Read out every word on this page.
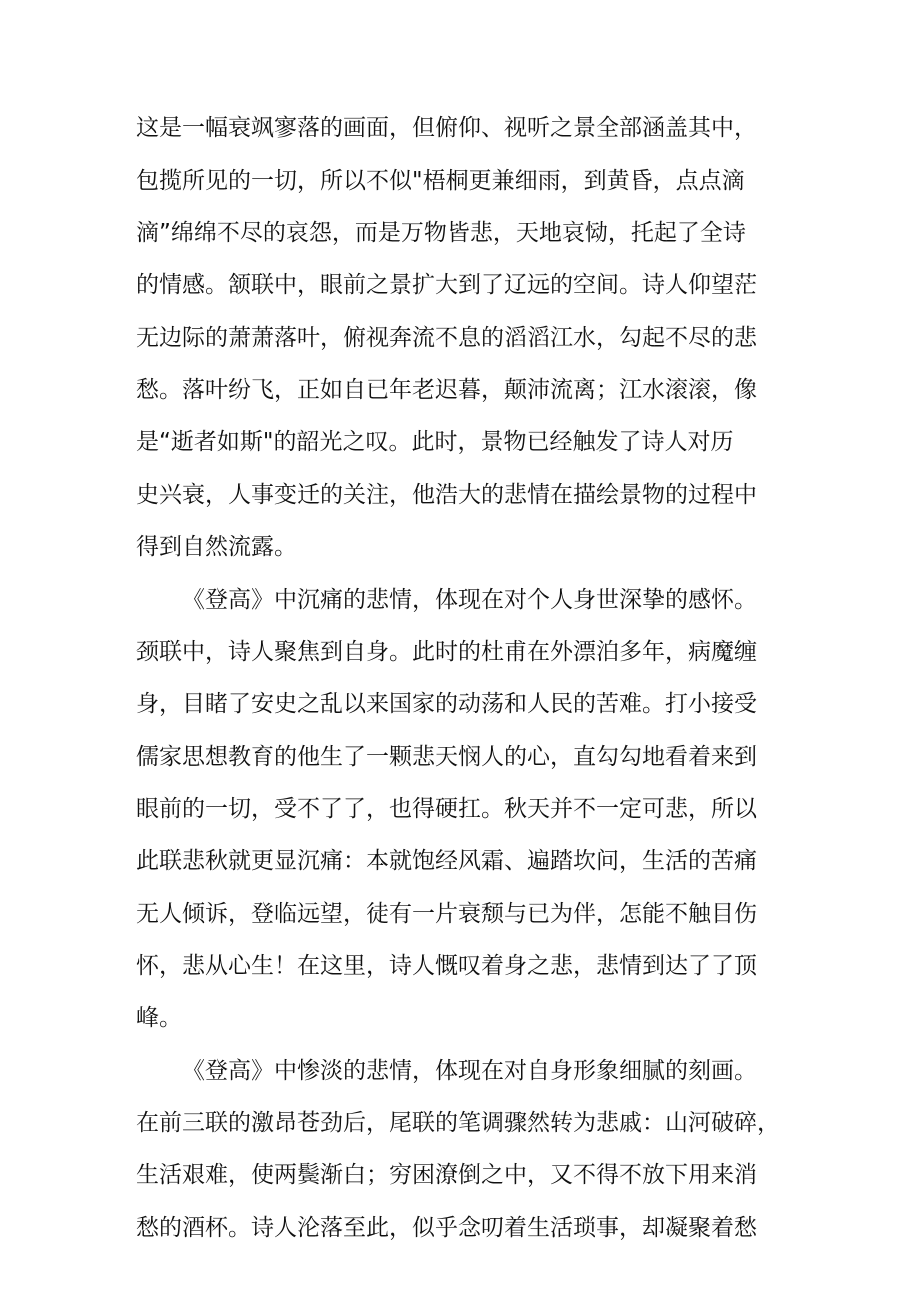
这是一幅衰飒寥落的画面，但俯仰、视听之景全部涵盖其中，
包揽所见的一切，所以不似"梧桐更兼细雨，到黄昏，点点滴
滴”绵绵不尽的哀怨，而是万物皆悲，天地哀恸，托起了全诗
的情感。颔联中，眼前之景扩大到了辽远的空间。诗人仰望茫
无边际的萧萧落叶，俯视奔流不息的滔滔江水，勾起不尽的悲
愁。落叶纷飞，正如自已年老迟暮，颠沛流离；江水滚滚，像
是“逝者如斯"的韶光之叹。此时，景物已经触发了诗人对历
史兴衰，人事变迁的关注，他浩大的悲情在描绘景物的过程中
得到自然流露。
《登高》中沉痛的悲情，体现在对个人身世深挚的感怀。
颈联中，诗人聚焦到自身。此时的杜甫在外漂泊多年，病魔缠
身，目睹了安史之乱以来国家的动荡和人民的苦难。打小接受
儒家思想教育的他生了一颗悲天悯人的心，直勾勾地看着来到
眼前的一切，受不了了，也得硬扛。秋天并不一定可悲，所以
此联悲秋就更显沉痛：本就饱经风霜、遍踏坎问，生活的苦痛
无人倾诉，登临远望，徒有一片衰颓与已为伴，怎能不触目伤
怀，悲从心生！在这里，诗人慨叹着身之悲，悲情到达了了顶
峰。
《登高》中惨淡的悲情，体现在对自身形象细腻的刻画。
在前三联的激昂苍劲后，尾联的笔调骤然转为悲戚：山河破碎，
生活艰难，使两鬓渐白；穷困潦倒之中，又不得不放下用来消
愁的酒杯。诗人沦落至此，似乎念叨着生活琐事，却凝聚着愁
